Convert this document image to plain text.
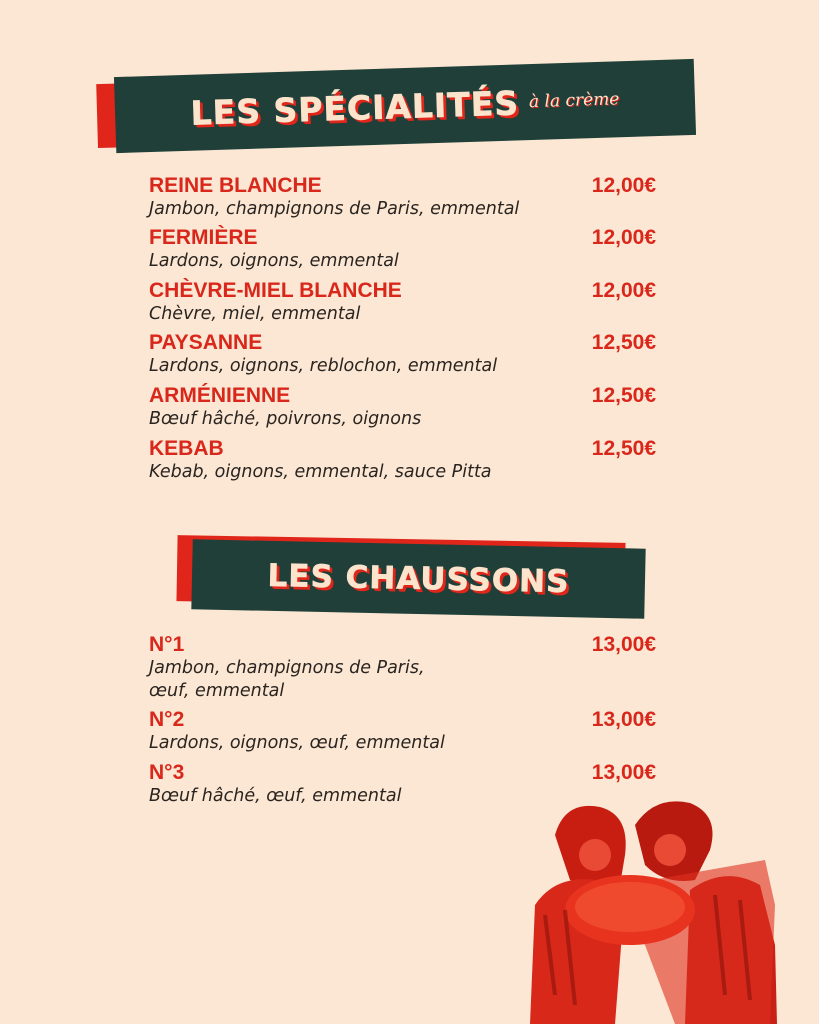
LES SPÉCIALITÉS à la crème
REINE BLANCHE	12,00€
Jambon, champignons de Paris, emmental
FERMIÈRE	12,00€
Lardons, oignons, emmental
CHÈVRE-MIEL BLANCHE	12,00€
Chèvre, miel, emmental
PAYSANNE	12,50€
Lardons, oignons, reblochon, emmental
ARMÉNIENNE	12,50€
Bœuf hâché, poivrons, oignons
KEBAB	12,50€
Kebab, oignons, emmental, sauce Pitta
LES CHAUSSONS
N°1	13,00€
Jambon, champignons de Paris,
œuf, emmental
N°2	13,00€
Lardons, oignons, œuf, emmental
N°3	13,00€
Bœuf hâché, œuf, emmental
